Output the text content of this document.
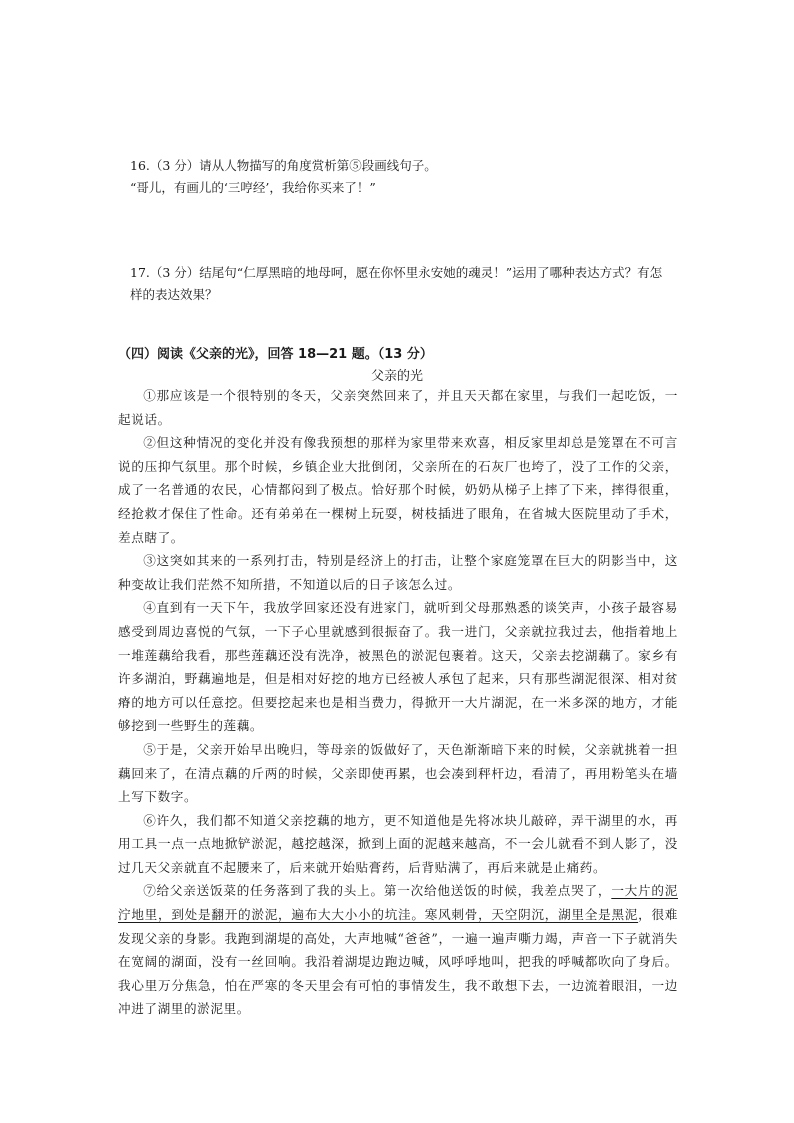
16.（3 分）请从人物描写的角度赏析第⑤段画线句子。
“哥儿，有画儿的‘三哼经’，我给你买来了！”
17.（3 分）结尾句“仁厚黑暗的地母呵，愿在你怀里永安她的魂灵！”运用了哪种表达方式？有怎样的表达效果？
（四）阅读《父亲的光》，回答 18—21 题。（13 分）
父亲的光

①那应该是一个很特别的冬天，父亲突然回来了，并且天天都在家里，与我们一起吃饭，一起说话。

②但这种情况的变化并没有像我预想的那样为家里带来欢喜，相反家里却总是笼罩在不可言说的压抑气氛里。那个时候，乡镇企业大批倒闭，父亲所在的石灰厂也垮了，没了工作的父亲，成了一名普通的农民，心情都闷到了极点。恰好那个时候，奶奶从梯子上摔了下来，摔得很重，经抢救才保住了性命。还有弟弟在一棵树上玩耍，树枝插进了眼角，在省城大医院里动了手术，差点瞎了。

③这突如其来的一系列打击，特别是经济上的打击，让整个家庭笼罩在巨大的阴影当中，这种变故让我们茫然不知所措，不知道以后的日子该怎么过。

④直到有一天下午，我放学回家还没有进家门，就听到父母那熟悉的谈笑声，小孩子最容易感受到周边喜悦的气氛，一下子心里就感到很振奋了。我一进门，父亲就拉我过去，他指着地上一堆莲藕给我看，那些莲藕还没有洗净，被黑色的淤泥包裹着。这天，父亲去挖湖藕了。家乡有许多湖泊，野藕遍地是，但是相对好挖的地方已经被人承包了起来，只有那些湖泥很深、相对贫瘠的地方可以任意挖。但要挖起来也是相当费力，得掀开一大片湖泥，在一米多深的地方，才能够挖到一些野生的莲藕。

⑤于是，父亲开始早出晚归，等母亲的饭做好了，天色渐渐暗下来的时候，父亲就挑着一担藕回来了，在清点藕的斤两的时候，父亲即使再累，也会凑到秤杆边，看清了，再用粉笔头在墙上写下数字。

⑥许久，我们都不知道父亲挖藕的地方，更不知道他是先将冰块儿敲碎，弄干湖里的水，再用工具一点一点地掀铲淤泥，越挖越深，掀到上面的泥越来越高，不一会儿就看不到人影了，没过几天父亲就直不起腰来了，后来就开始贴膏药，后背贴满了，再后来就是止痛药。

⑦给父亲送饭菜的任务落到了我的头上。第一次给他送饭的时候，我差点哭了，一大片的泥泞地里，到处是翻开的淤泥，遍布大大小小的坑洼。寒风刺骨，天空阴沉，湖里全是黑泥，很难发现父亲的身影。我跑到湖堤的高处，大声地喊“爸爸”，一遍一遍声嘶力竭，声音一下子就消失在宽阔的湖面，没有一丝回响。我沿着湖堤边跑边喊，风呼呼地叫，把我的呼喊都吹向了身后。我心里万分焦急，怕在严寒的冬天里会有可怕的事情发生，我不敢想下去，一边流着眼泪，一边冲进了湖里的淤泥里。
